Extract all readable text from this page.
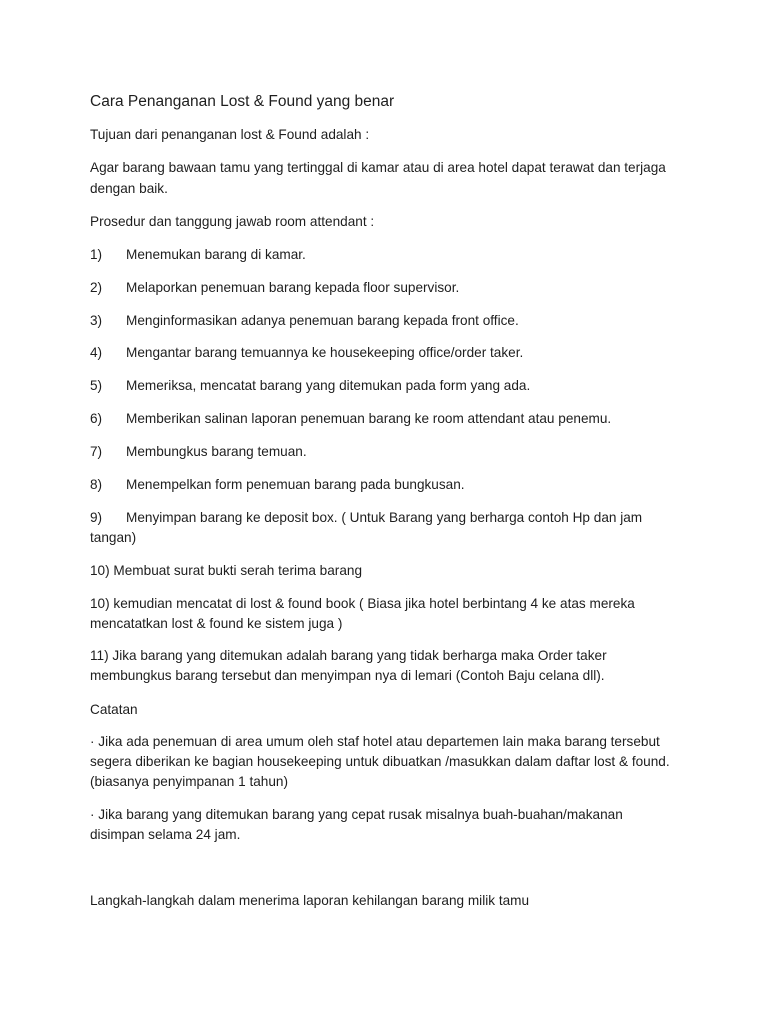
Cara Penanganan Lost & Found yang benar
Tujuan dari penanganan lost & Found adalah :
Agar barang bawaan tamu yang tertinggal di kamar atau di area hotel dapat terawat dan terjaga
dengan baik.
Prosedur dan tanggung jawab room attendant :
1) Menemukan barang di kamar.
2) Melaporkan penemuan barang kepada floor supervisor.
3) Menginformasikan adanya penemuan barang kepada front office.
4) Mengantar barang temuannya ke housekeeping office/order taker.
5) Memeriksa, mencatat barang yang ditemukan pada form yang ada.
6) Memberikan salinan laporan penemuan barang ke room attendant atau penemu.
7) Membungkus barang temuan.
8) Menempelkan form penemuan barang pada bungkusan.
9) Menyimpan barang ke deposit box. ( Untuk Barang yang berharga contoh Hp dan jam
tangan)
10) Membuat surat bukti serah terima barang
10) kemudian mencatat di lost & found book ( Biasa jika hotel berbintang 4 ke atas mereka
mencatatkan lost & found ke sistem juga )
11) Jika barang yang ditemukan adalah barang yang tidak berharga maka Order taker
membungkus barang tersebut dan menyimpan nya di lemari (Contoh Baju celana dll).
Catatan
· Jika ada penemuan di area umum oleh staf hotel atau departemen lain maka barang tersebut
segera diberikan ke bagian housekeeping untuk dibuatkan /masukkan dalam daftar lost & found.
(biasanya penyimpanan 1 tahun)
· Jika barang yang ditemukan barang yang cepat rusak misalnya buah-buahan/makanan
disimpan selama 24 jam.
Langkah-langkah dalam menerima laporan kehilangan barang milik tamu
